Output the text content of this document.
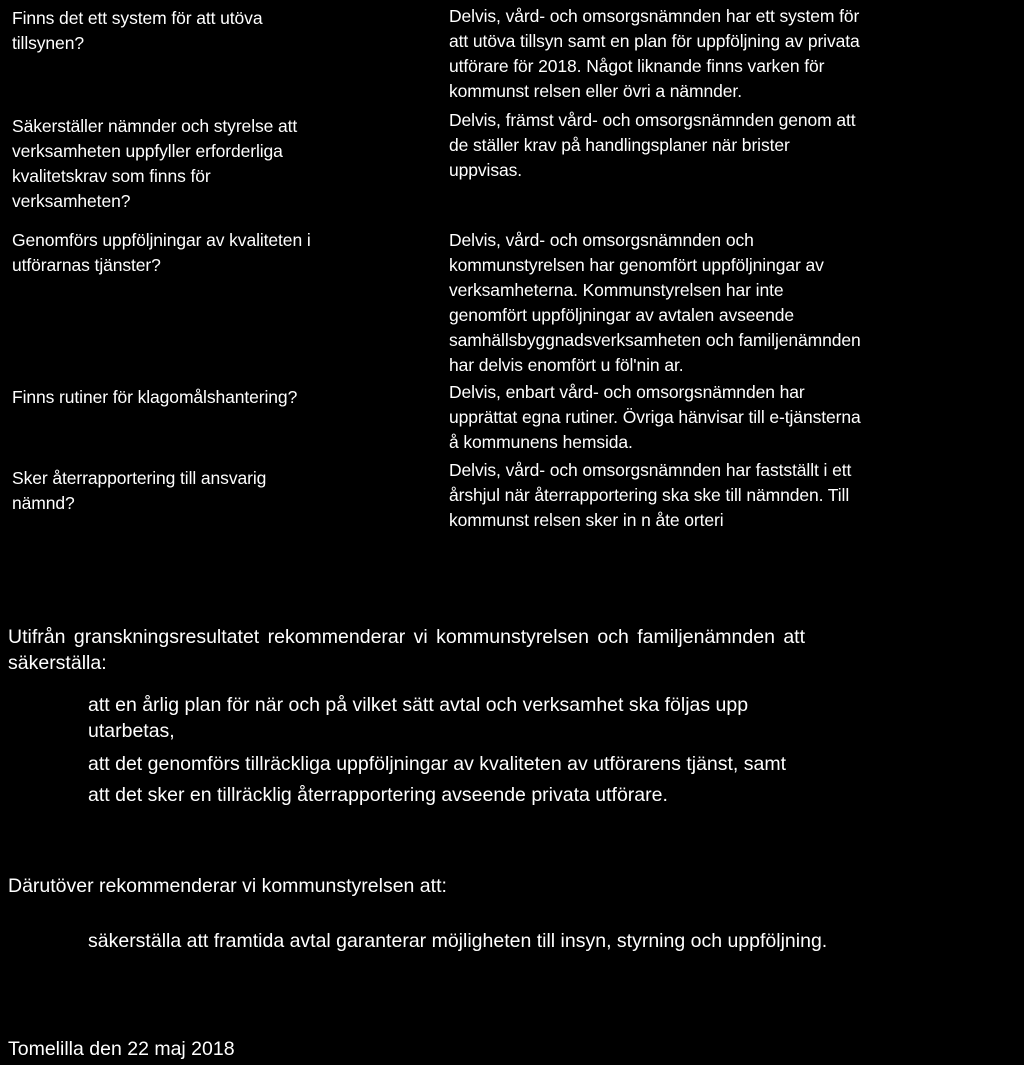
Finns det ett system för att utöva
tillsynen?
Delvis, vård- och omsorgsnämnden har ett system för
att utöva tillsyn samt en plan för uppföljning av privata
utförare för 2018. Något liknande finns varken för
kommunst relsen eller övri a nämnder.
Säkerställer nämnder och styrelse att
verksamheten uppfyller erforderliga
kvalitetskrav som finns för
verksamheten?
Delvis, främst vård- och omsorgsnämnden genom att
de ställer krav på handlingsplaner när brister
uppvisas.
Genomförs uppföljningar av kvaliteten i
utförarnas tjänster?
Delvis, vård- och omsorgsnämnden och
kommunstyrelsen har genomfört uppföljningar av
verksamheterna. Kommunstyrelsen har inte
genomfört uppföljningar av avtalen avseende
samhällsbyggnadsverksamheten och familjenämnden
har delvis enomfört u föl'nin ar.
Finns rutiner för klagomålshantering?	Delvis, enbart vård- och omsorgsnämnden har
upprättat egna rutiner. Övriga hänvisar till e-tjänsterna
å kommunens hemsida.
Sker återrapportering till ansvarig
nämnd?
Delvis, vård- och omsorgsnämnden har fastställt i ett
årshjul när återrapportering ska ske till nämnden. Till
kommunst relsen sker in n åte orteri
Utifrån granskningsresultatet rekommenderar vi kommunstyrelsen och familjenämnden att
säkerställa:
att en årlig plan för när och på vilket sätt avtal och verksamhet ska följas upp
utarbetas,
att det genomförs tillräckliga uppföljningar av kvaliteten av utförarens tjänst, samt
att det sker en tillräcklig återrapportering avseende privata utförare.
Därutöver rekommenderar vi kommunstyrelsen att:
säkerställa att framtida avtal garanterar möjligheten till insyn, styrning och uppföljning.
Tomelilla den 22 maj 2018
